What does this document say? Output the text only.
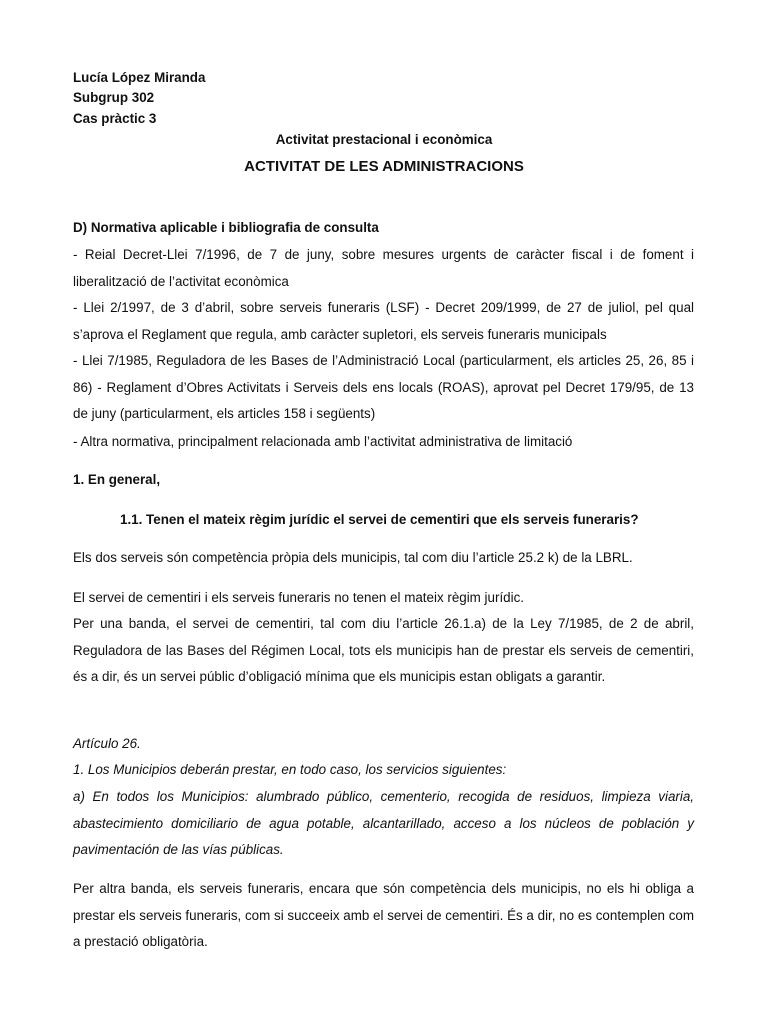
Lucía López Miranda

Subgrup 302

Cas pràctic 3

Activitat prestacional i econòmica

ACTIVITAT DE LES ADMINISTRACIONS

D) Normativa aplicable i bibliografia de consulta

- Reial Decret-Llei 7/1996, de 7 de juny, sobre mesures urgents de caràcter fiscal i de foment i liberalització de l’activitat econòmica

- Llei 2/1997, de 3 d’abril, sobre serveis funeraris (LSF) - Decret 209/1999, de 27 de juliol, pel qual s’aprova el Reglament que regula, amb caràcter supletori, els serveis funeraris municipals

- Llei 7/1985, Reguladora de les Bases de l’Administració Local (particularment, els articles 25, 26, 85 i 86) - Reglament d’Obres Activitats i Serveis dels ens locals (ROAS), aprovat pel Decret 179/95, de 13 de juny (particularment, els articles 158 i següents)

- Altra normativa, principalment relacionada amb l’activitat administrativa de limitació

1. En general,

1.1. Tenen el mateix règim jurídic el servei de cementiri que els serveis funeraris?

Els dos serveis són competència pròpia dels municipis, tal com diu l’article 25.2 k) de la LBRL.

El servei de cementiri i els serveis funeraris no tenen el mateix règim jurídic.

Per una banda, el servei de cementiri, tal com diu l’article 26.1.a) de la Ley 7/1985, de 2 de abril, Reguladora de las Bases del Régimen Local, tots els municipis han de prestar els serveis de cementiri, és a dir, és un servei públic d’obligació mínima que els municipis estan obligats a garantir.

Artículo 26.

1. Los Municipios deberán prestar, en todo caso, los servicios siguientes:

a) En todos los Municipios: alumbrado público, cementerio, recogida de residuos, limpieza viaria, abastecimiento domiciliario de agua potable, alcantarillado, acceso a los núcleos de población y pavimentación de las vías públicas.

Per altra banda, els serveis funeraris, encara que són competència dels municipis, no els hi obliga a prestar els serveis funeraris, com si succeeix amb el servei de cementiri. És a dir, no es contemplen com a prestació obligatòria.
